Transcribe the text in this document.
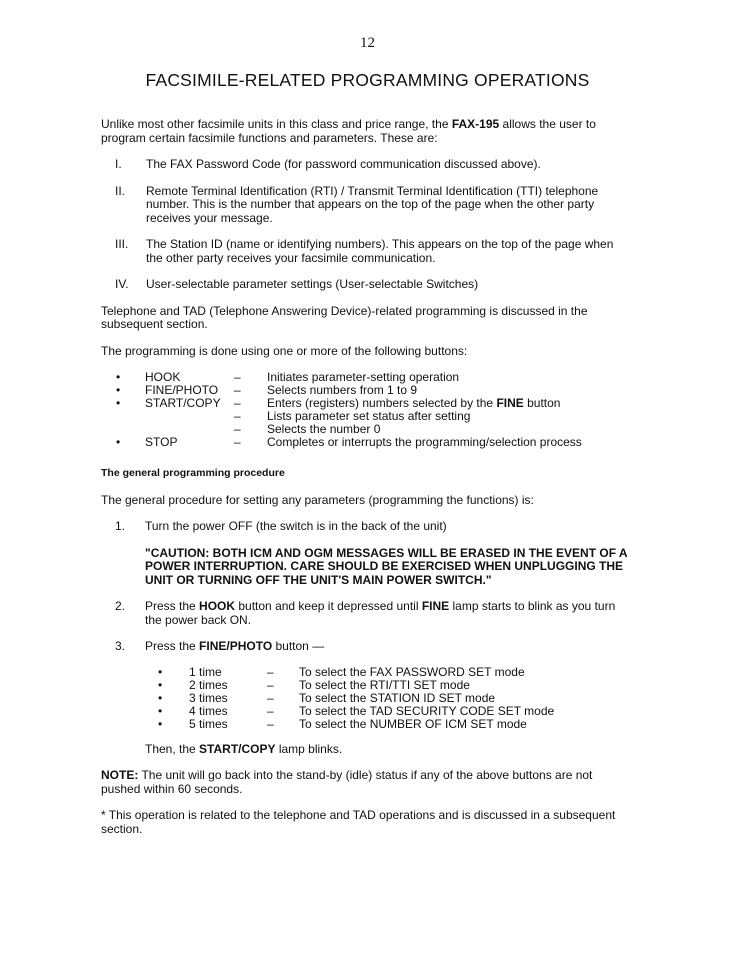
12
FACSIMILE-RELATED PROGRAMMING OPERATIONS

Unlike most other facsimile units in this class and price range, the FAX-195 allows the user to program certain facsimile functions and parameters. These are:

I. The FAX Password Code (for password communication discussed above).
II. Remote Terminal Identification (RTI) / Transmit Terminal Identification (TTI) telephone number. This is the number that appears on the top of the page when the other party receives your message.
III. The Station ID (name or identifying numbers). This appears on the top of the page when the other party receives your facsimile communication.
IV. User-selectable parameter settings (User-selectable Switches)

Telephone and TAD (Telephone Answering Device)-related programming is discussed in the subsequent section.

The programming is done using one or more of the following buttons:

• HOOK	– Initiates parameter-setting operation
• FINE/PHOTO – Selects numbers from 1 to 9
• START/COPY – Enters (registers) numbers selected by the FINE button
– Lists parameter set status after setting
– Selects the number 0
• STOP	– Completes or interrupts the programming/selection process
The general programming procedure

The general procedure for setting any parameters (programming the functions) is:

1. Turn the power OFF (the switch is in the back of the unit)
"CAUTION: BOTH ICM AND OGM MESSAGES WILL BE ERASED IN THE EVENT OF A POWER INTERRUPTION. CARE SHOULD BE EXERCISED WHEN UNPLUGGING THE UNIT OR TURNING OFF THE UNIT'S MAIN POWER SWITCH."
2. Press the HOOK button and keep it depressed until FINE lamp starts to blink as you turn the power back ON.
3. Press the FINE/PHOTO button —
• 1 time	– To select the FAX PASSWORD SET mode
• 2 times	– To select the RTI/TTI SET mode
• 3 times	– To select the STATION ID SET mode
• 4 times	– To select the TAD SECURITY CODE SET mode
• 5 times	– To select the NUMBER OF ICM SET mode
Then, the START/COPY lamp blinks.

NOTE: The unit will go back into the stand-by (idle) status if any of the above buttons are not pushed within 60 seconds.

* This operation is related to the telephone and TAD operations and is discussed in a subsequent section.
